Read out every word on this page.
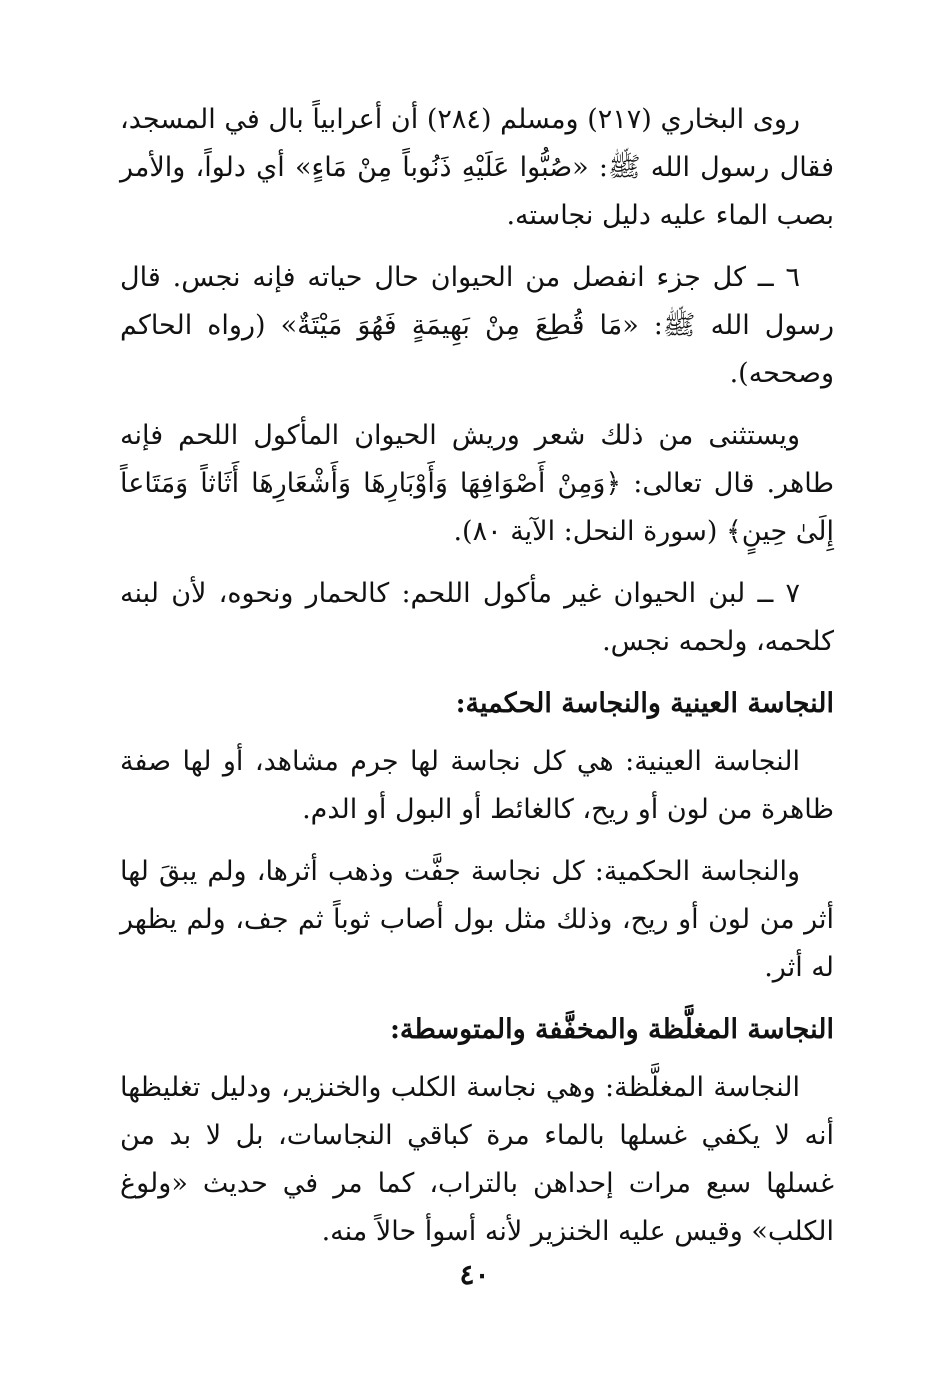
روى البخاري (٢١٧) ومسلم (٢٨٤) أن أعرابياً بال في المسجد، فقال رسول الله ﷺ: «صُبُّوا عَلَيْهِ ذَنُوباً مِنْ مَاءٍ» أي دلواً، والأمر بصب الماء عليه دليل نجاسته.

٦ ــ كل جزء انفصل من الحيوان حال حياته فإنه نجس. قال رسول الله ﷺ: «مَا قُطِعَ مِنْ بَهِيمَةٍ فَهُوَ مَيْتَةٌ» (رواه الحاكم وصححه).

ويستثنى من ذلك شعر وريش الحيوان المأكول اللحم فإنه طاهر. قال تعالى: ﴿وَمِنْ أَصْوَافِهَا وَأَوْبَارِهَا وَأَشْعَارِهَا أَثَاثاً وَمَتَاعاً إِلَىٰ حِينٍ﴾ (سورة النحل: الآية ٨٠).

٧ ــ لبن الحيوان غير مأكول اللحم: كالحمار ونحوه، لأن لبنه كلحمه، ولحمه نجس.

النجاسة العينية والنجاسة الحكمية:

النجاسة العينية: هي كل نجاسة لها جرم مشاهد، أو لها صفة ظاهرة من لون أو ريح، كالغائط أو البول أو الدم.

والنجاسة الحكمية: كل نجاسة جفَّت وذهب أثرها، ولم يبقَ لها أثر من لون أو ريح، وذلك مثل بول أصاب ثوباً ثم جف، ولم يظهر له أثر.

النجاسة المغلَّظة والمخفَّفة والمتوسطة:

النجاسة المغلَّظة: وهي نجاسة الكلب والخنزير، ودليل تغليظها أنه لا يكفي غسلها بالماء مرة كباقي النجاسات، بل لا بد من غسلها سبع مرات إحداهن بالتراب، كما مر في حديث «ولوغ الكلب» وقيس عليه الخنزير لأنه أسوأ حالاً منه.

٤٠
